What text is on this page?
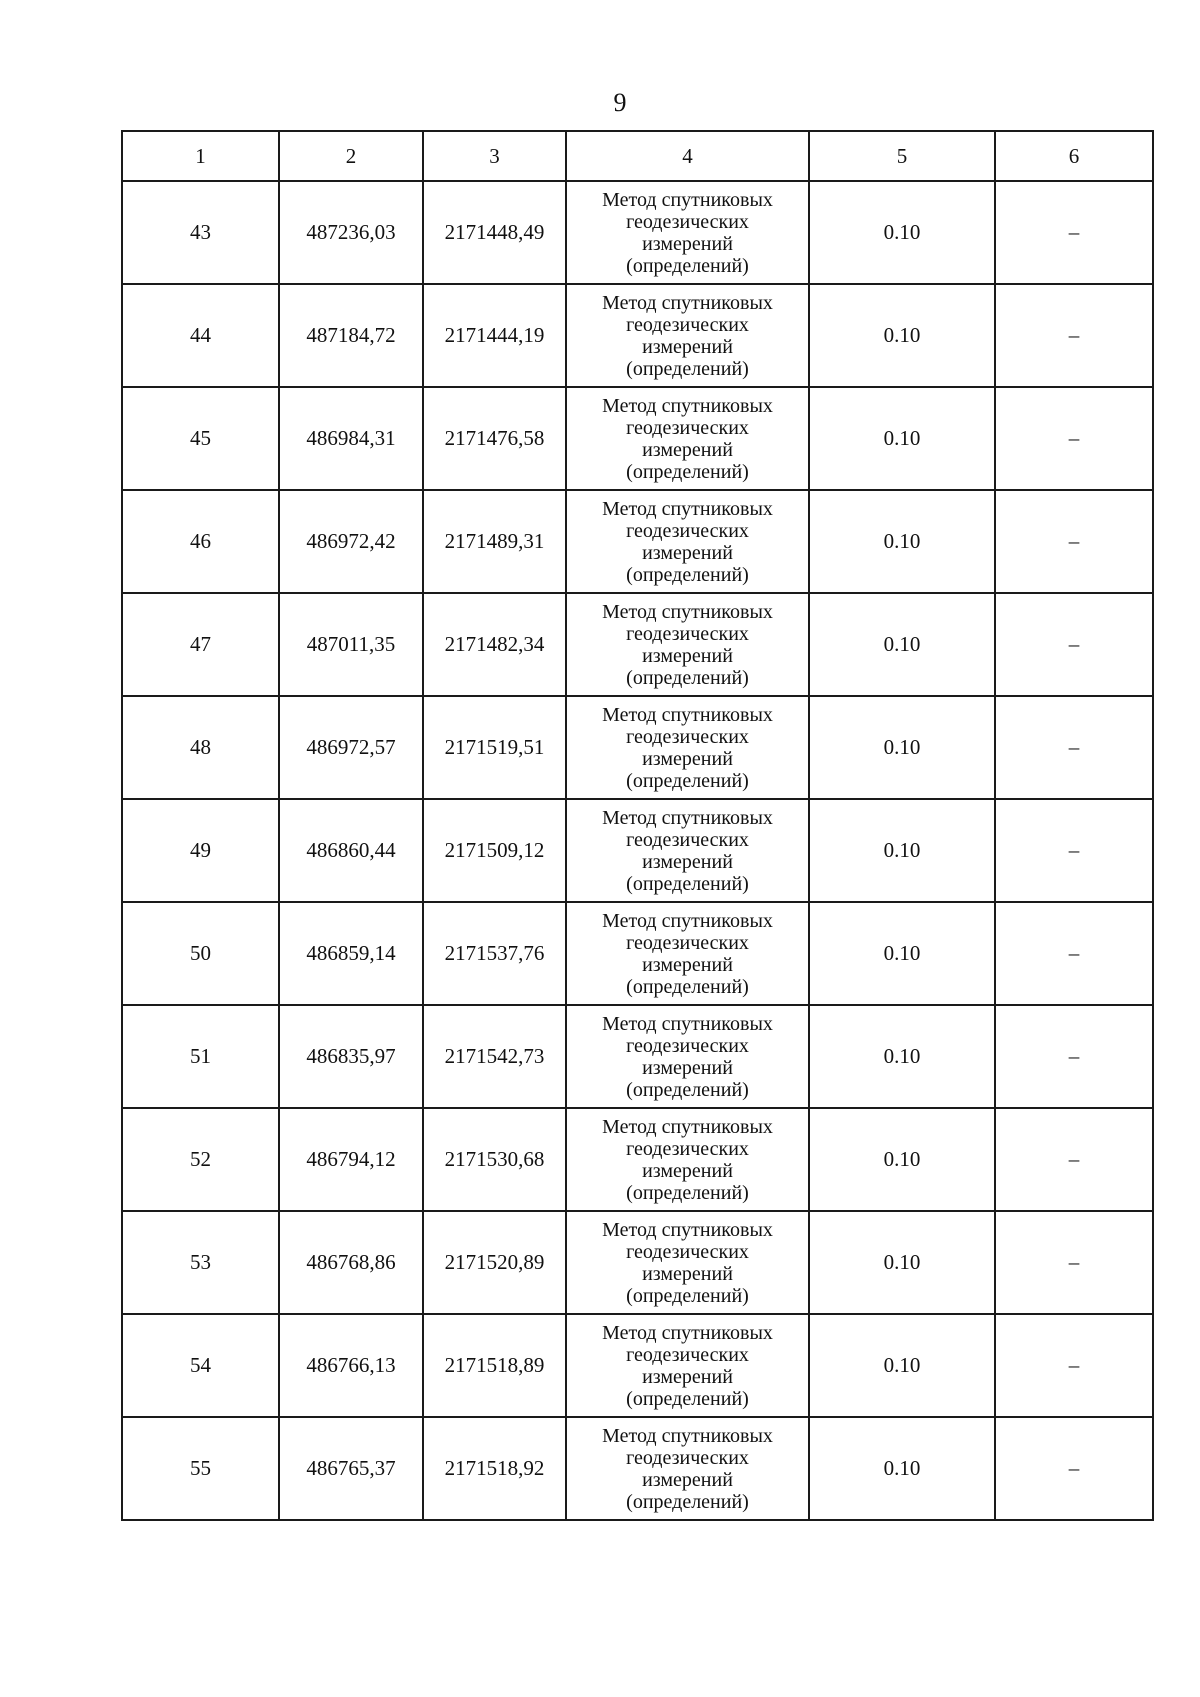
9
1	2	3	4	5	6
43	487236,03	2171448,49	Метод спутниковых
геодезических
измерений
(определений)	0.10	–
44	487184,72	2171444,19	Метод спутниковых
геодезических
измерений
(определений)	0.10	–
45	486984,31	2171476,58	Метод спутниковых
геодезических
измерений
(определений)	0.10	–
46	486972,42	2171489,31	Метод спутниковых
геодезических
измерений
(определений)	0.10	–
47	487011,35	2171482,34	Метод спутниковых
геодезических
измерений
(определений)	0.10	–
48	486972,57	2171519,51	Метод спутниковых
геодезических
измерений
(определений)	0.10	–
49	486860,44	2171509,12	Метод спутниковых
геодезических
измерений
(определений)	0.10	–
50	486859,14	2171537,76	Метод спутниковых
геодезических
измерений
(определений)	0.10	–
51	486835,97	2171542,73	Метод спутниковых
геодезических
измерений
(определений)	0.10	–
52	486794,12	2171530,68	Метод спутниковых
геодезических
измерений
(определений)	0.10	–
53	486768,86	2171520,89	Метод спутниковых
геодезических
измерений
(определений)	0.10	–
54	486766,13	2171518,89	Метод спутниковых
геодезических
измерений
(определений)	0.10	–
55	486765,37	2171518,92	Метод спутниковых
геодезических
измерений
(определений)	0.10	–
